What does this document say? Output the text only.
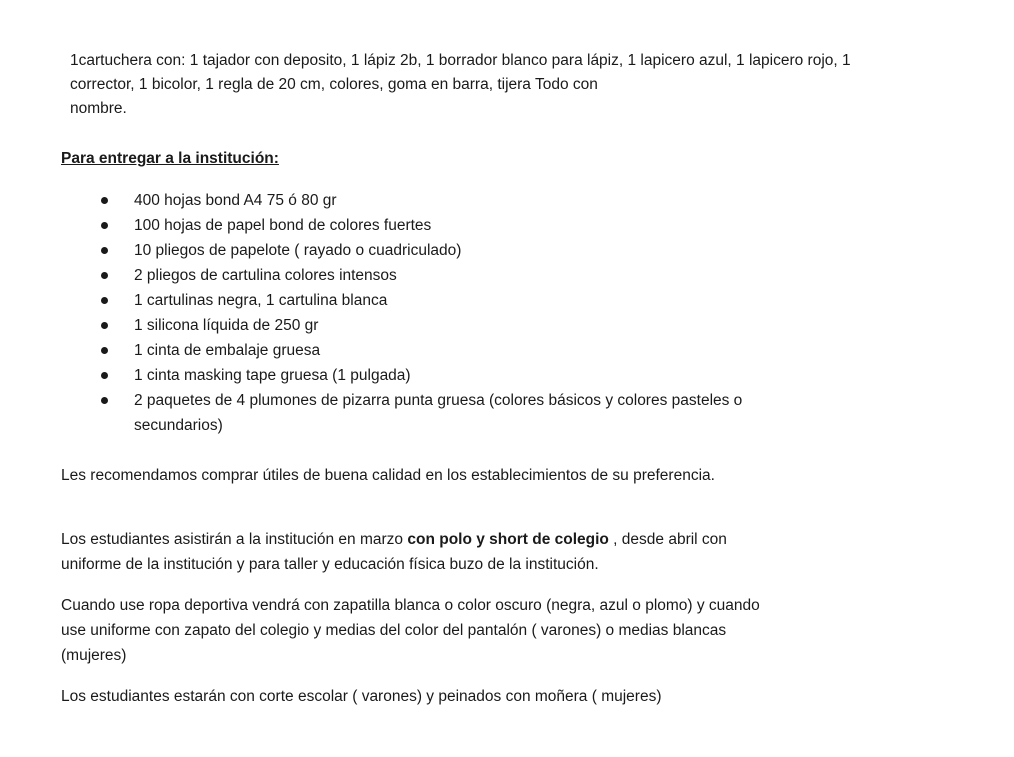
1cartuchera con: 1 tajador con deposito, 1 lápiz 2b, 1 borrador blanco para lápiz, 1 lapicero azul, 1 lapicero rojo, 1
corrector, 1 bicolor, 1 regla de 20 cm, colores, goma en barra, tijera Todo con
nombre.
Para entregar a la institución:
400 hojas bond A4 75 ó 80 gr
100 hojas de papel bond de colores fuertes
10 pliegos de papelote ( rayado o cuadriculado)
2 pliegos de cartulina colores intensos
1 cartulinas negra, 1 cartulina blanca
1 silicona líquida de 250 gr
1 cinta de embalaje gruesa
1 cinta masking tape gruesa (1 pulgada)
2 paquetes de 4 plumones de pizarra punta gruesa (colores básicos y colores pasteles o
secundarios)
Les recomendamos comprar útiles de buena calidad en los establecimientos de su preferencia.
Los estudiantes asistirán a la institución en marzo con polo y short de colegio , desde abril con
uniforme de la institución y para taller y educación física buzo de la institución.
Cuando use ropa deportiva vendrá con zapatilla blanca o color oscuro (negra, azul o plomo) y cuando
use uniforme con zapato del colegio y medias del color del pantalón ( varones) o medias blancas
(mujeres)
Los estudiantes estarán con corte escolar ( varones) y peinados con moñera ( mujeres)
